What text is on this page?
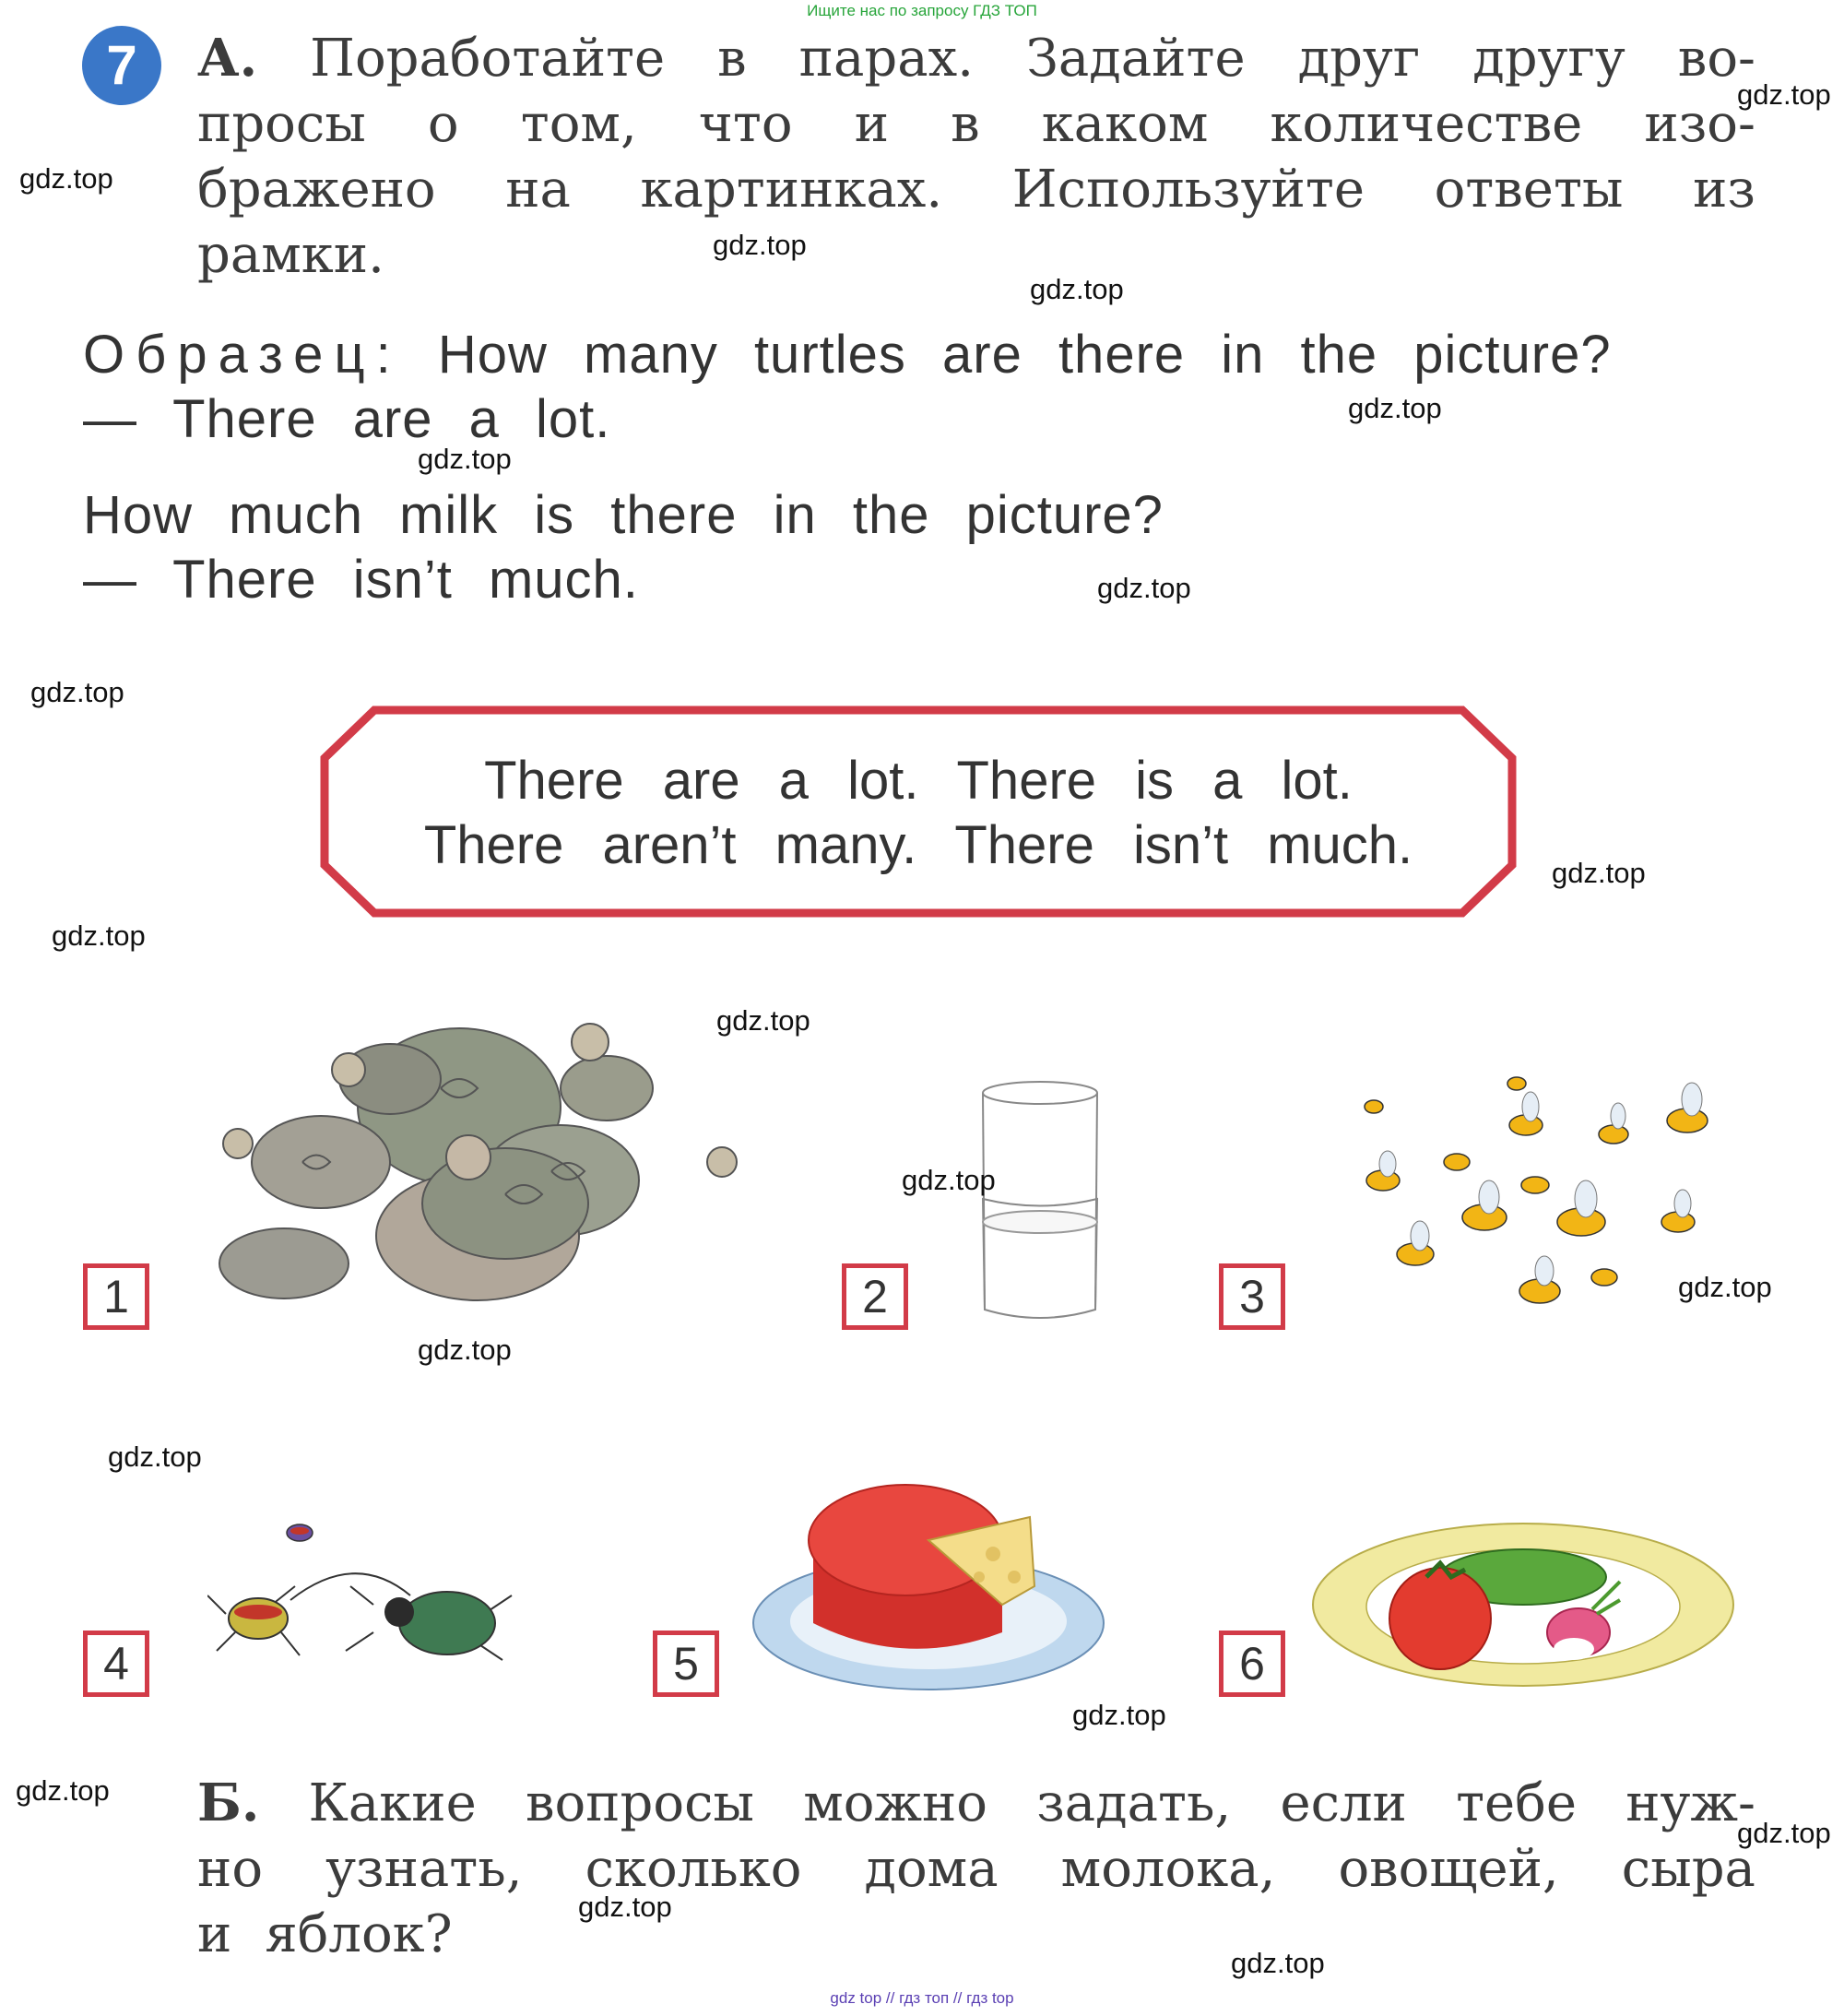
Ищите нас по запросу ГДЗ ТОП
7	А. Поработайте в парах. Задайте друг другу во-
просы о том, что и в каком количестве изо-
бражено на картинках. Используйте ответы из
рамки.
Образец: How many turtles are there in the picture?
— There are a lot.
How much milk is there in the picture?
— There isn’t much.
There are a lot. There is a lot.
There aren’t many. There isn’t much.
1	2	3
4	5	6
Б. Какие вопросы можно задать, если тебе нуж-
но узнать, сколько дома молока, овощей, сыра
и яблок?
gdz.top
gdz.top
gdz.top
gdz.top
gdz.top
gdz.top
gdz.top
gdz.top
gdz.top
gdz.top
gdz.top
gdz.top
gdz.top
gdz.top
gdz.top
gdz.top
gdz.top
gdz.top
gdz.top
gdz.top
gdz top // гдз топ // гдз top
